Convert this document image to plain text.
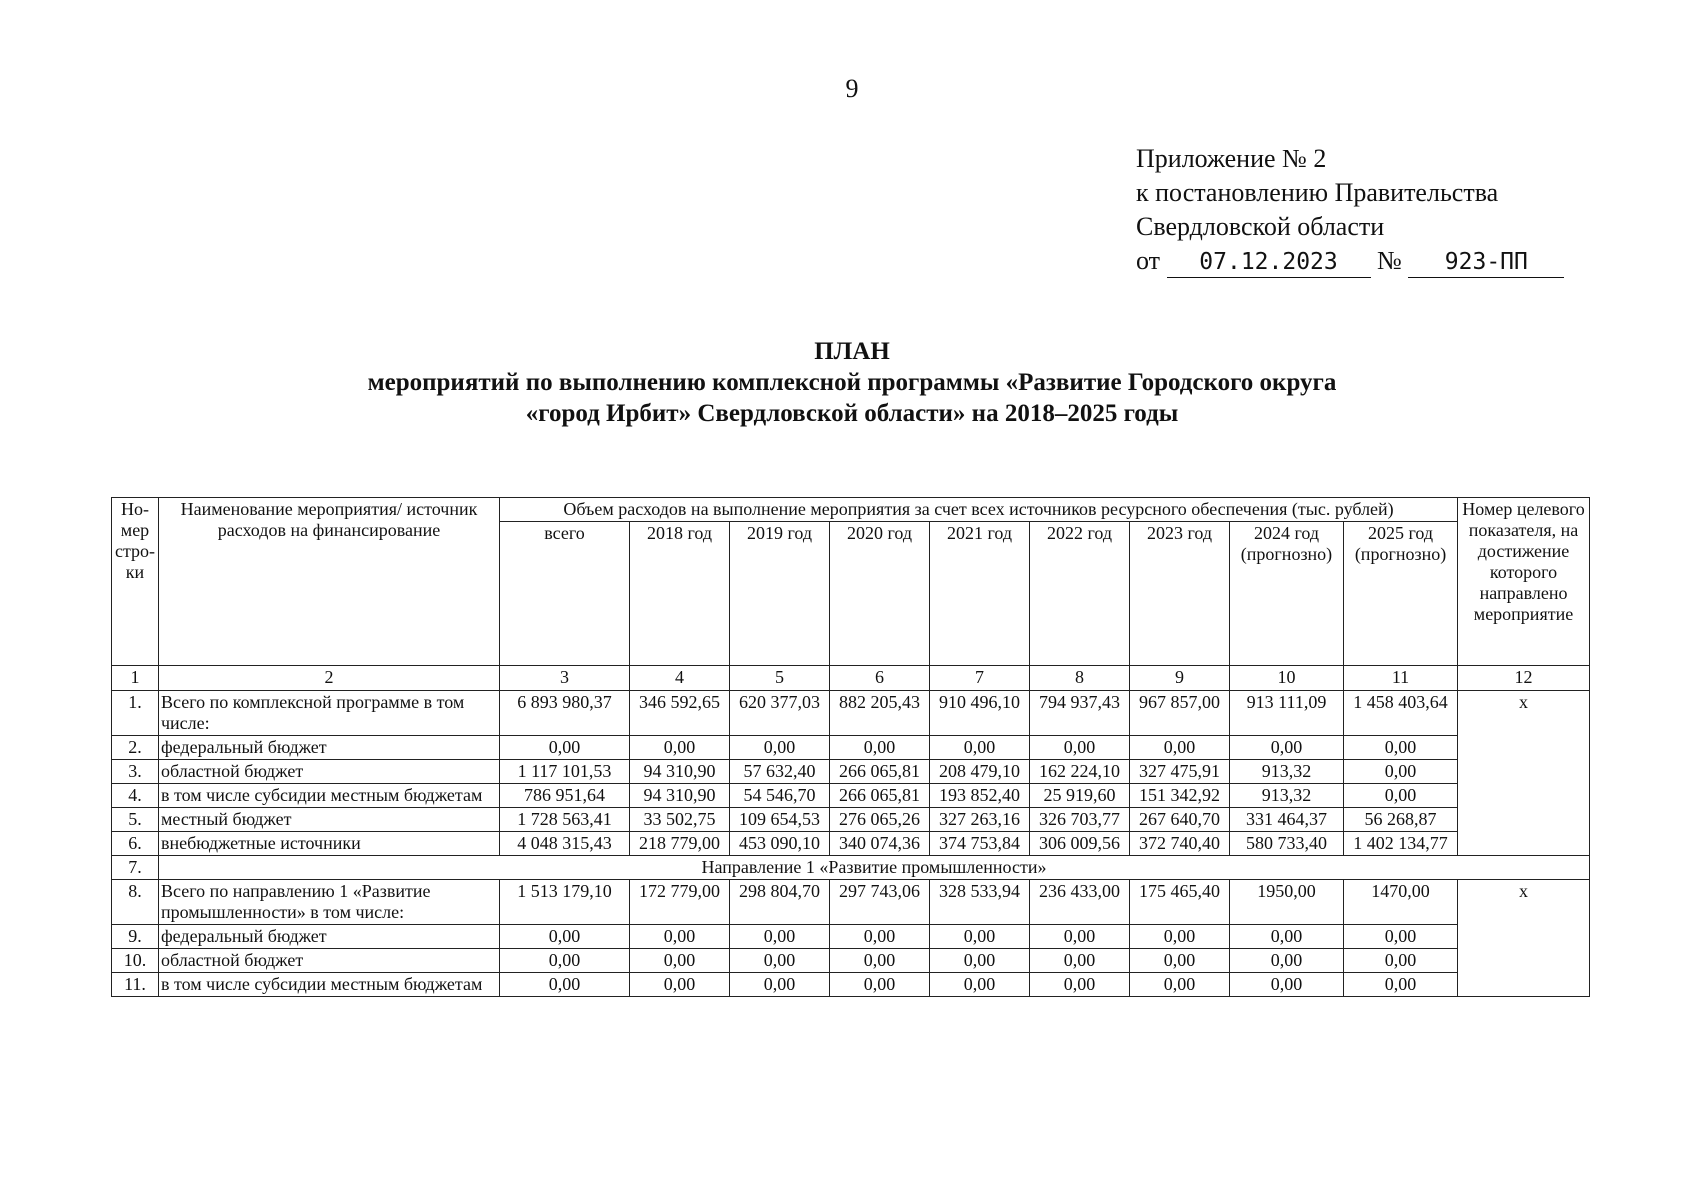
9
Приложение № 2
к постановлению Правительства
Свердловской области
от 07.12.2023 № 923-ПП
ПЛАН
мероприятий по выполнению комплексной программы «Развитие Городского округа
«город Ирбит» Свердловской области» на 2018–2025 годы
Но-мер стро-ки	Наименование мероприятия/ источник расходов на финансирование	Объем расходов на выполнение мероприятия за счет всех источников ресурсного обеспечения (тыс. рублей)									Номер целевого показателя, на достижение которого направлено мероприятие
		всего	2018 год	2019 год	2020 год	2021 год	2022 год	2023 год	2024 год (прогнозно)	2025 год (прогнозно)	
1	2	3	4	5	6	7	8	9	10	11	12
1.	Всего по комплексной программе в том числе:	6 893 980,37	346 592,65	620 377,03	882 205,43	910 496,10	794 937,43	967 857,00	913 111,09	1 458 403,64	х
2.	федеральный бюджет	0,00	0,00	0,00	0,00	0,00	0,00	0,00	0,00	0,00	
3.	областной бюджет	1 117 101,53	94 310,90	57 632,40	266 065,81	208 479,10	162 224,10	327 475,91	913,32	0,00	
4.	в том числе субсидии местным бюджетам	786 951,64	94 310,90	54 546,70	266 065,81	193 852,40	25 919,60	151 342,92	913,32	0,00	
5.	местный бюджет	1 728 563,41	33 502,75	109 654,53	276 065,26	327 263,16	326 703,77	267 640,70	331 464,37	56 268,87	
6.	внебюджетные источники	4 048 315,43	218 779,00	453 090,10	340 074,36	374 753,84	306 009,56	372 740,40	580 733,40	1 402 134,77	
7.	Направление 1 «Развитие промышленности»										
8.	Всего по направлению 1 «Развитие промышленности» в том числе:	1 513 179,10	172 779,00	298 804,70	297 743,06	328 533,94	236 433,00	175 465,40	1950,00	1470,00	х
9.	федеральный бюджет	0,00	0,00	0,00	0,00	0,00	0,00	0,00	0,00	0,00	
10.	областной бюджет	0,00	0,00	0,00	0,00	0,00	0,00	0,00	0,00	0,00	
11.	в том числе субсидии местным бюджетам	0,00	0,00	0,00	0,00	0,00	0,00	0,00	0,00	0,00	
